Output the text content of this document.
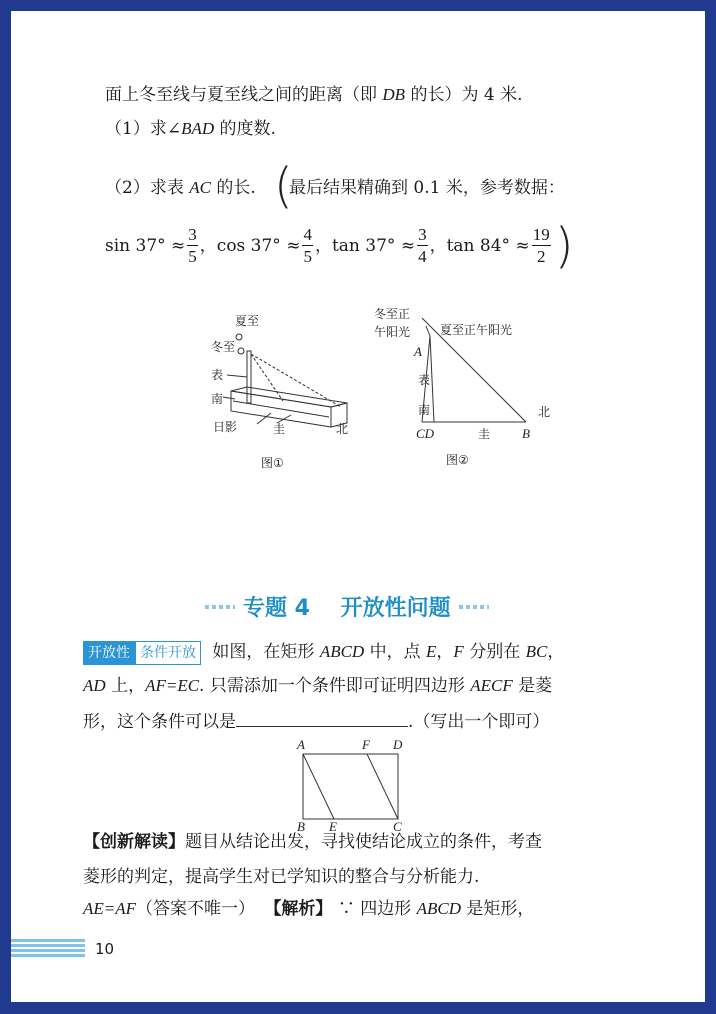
面上冬至线与夏至线之间的距离（即 DB 的长）为 4 米.
（1）求∠BAD 的度数.
（2）求表 AC 的长. (
最后结果精确到 0.1 米，参考数据：
$\sin 37^\circ \approx \frac{3}{5}$ ，$\cos 37^\circ \approx \frac{4}{5}$ ，$\tan 37^\circ \approx \frac{3}{4}$ ，$\tan 84^\circ \approx \frac{19}{2}$ )
夏至
冬至
表
南
日影	圭	北
图①
冬至正
午阳光 夏至正午阳光
A
表
南
CD	圭 B
北
图②
专题 4    开放性问题
开放性 条件开放 如图，在矩形 ABCD 中，点 E，F 分别在 BC，
AD 上，AF=EC. 只需添加一个条件即可证明四边形 AECF 是菱
形，这个条件可以是	.（写出一个即可）
A	F D
B E	C
【创新解读】题目从结论出发，寻找使结论成立的条件，考查
菱形的判定，提高学生对已学知识的整合与分析能力.
AE=AF（答案不唯一） 【解析】 ∵ 四边形 ABCD 是矩形，
10
